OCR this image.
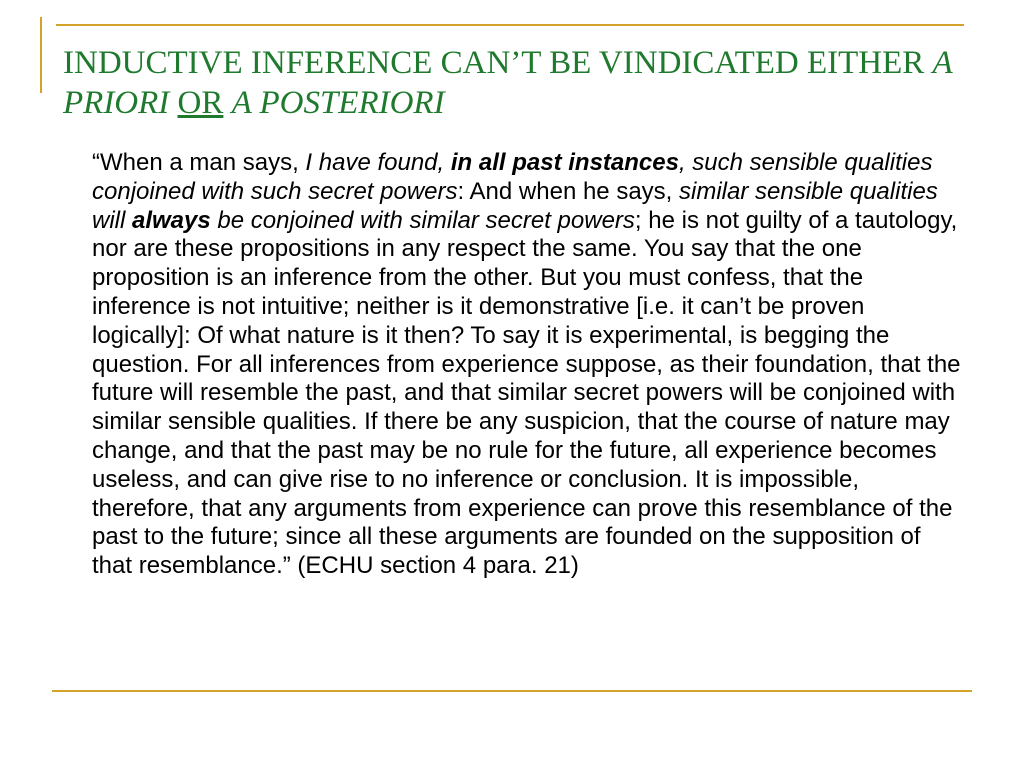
INDUCTIVE INFERENCE CAN’T BE VINDICATED EITHER A PRIORI OR A POSTERIORI

“When a man says, I have found, in all past instances, such sensible qualities conjoined with such secret powers: And when he says, similar sensible qualities will always be conjoined with similar secret powers; he is not guilty of a tautology, nor are these propositions in any respect the same. You say that the one proposition is an inference from the other. But you must confess, that the inference is not intuitive; neither is it demonstrative [i.e. it can’t be proven logically]: Of what nature is it then? To say it is experimental, is begging the question. For all inferences from experience suppose, as their foundation, that the future will resemble the past, and that similar secret powers will be conjoined with similar sensible qualities. If there be any suspicion, that the course of nature may change, and that the past may be no rule for the future, all experience becomes useless, and can give rise to no inference or conclusion. It is impossible, therefore, that any arguments from experience can prove this resemblance of the past to the future; since all these arguments are founded on the supposition of that resemblance.” (ECHU section 4 para. 21)
